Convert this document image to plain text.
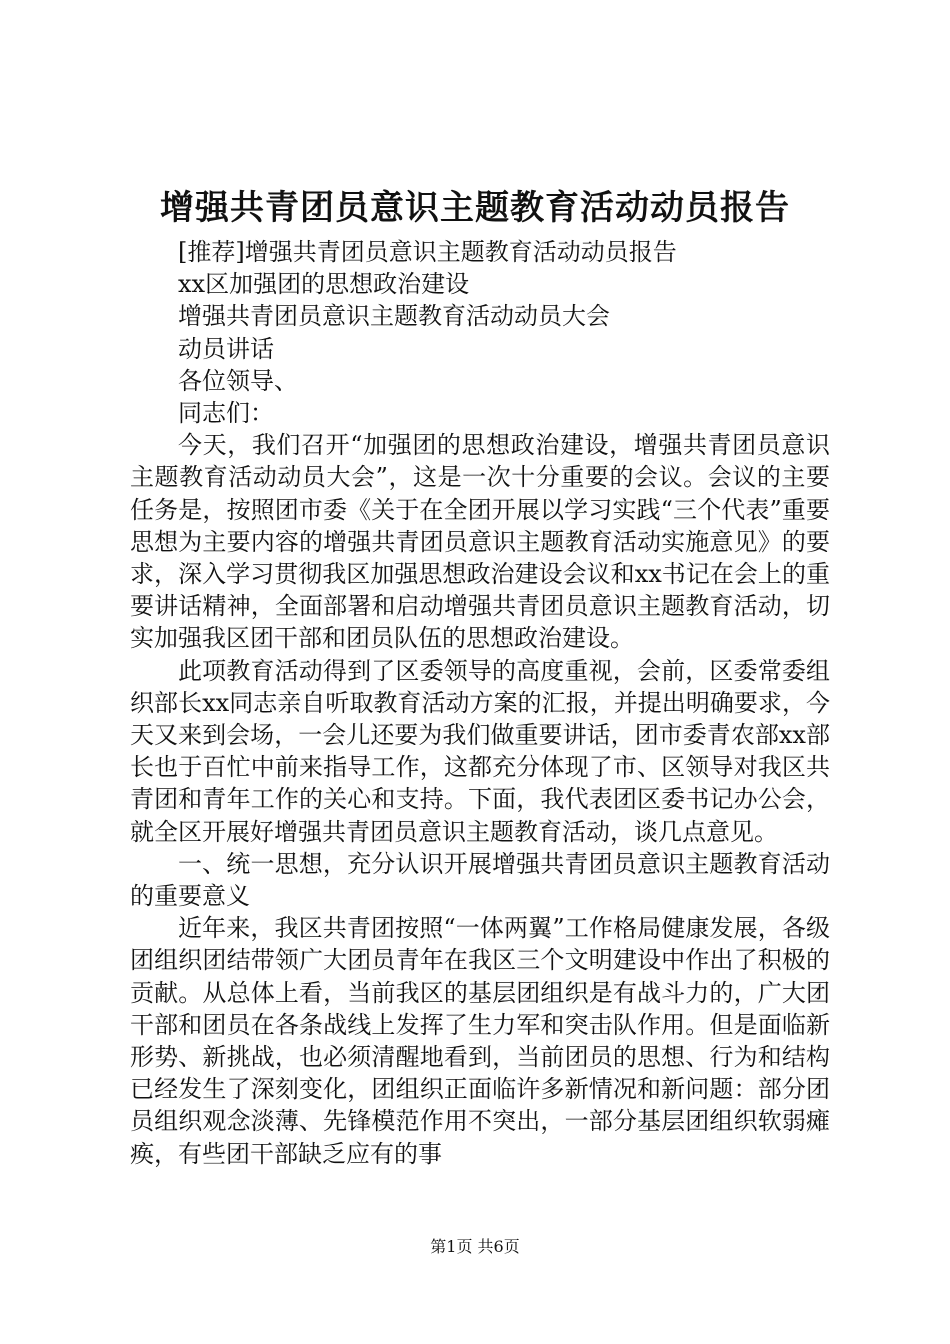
增强共青团员意识主题教育活动动员报告

[推荐]增强共青团员意识主题教育活动动员报告

xx区加强团的思想政治建设

增强共青团员意识主题教育活动动员大会

动员讲话

各位领导、

同志们：

今天，我们召开“加强团的思想政治建设，增强共青团员意识主题教育活动动员大会”，这是一次十分重要的会议。会议的主要任务是，按照团市委《关于在全团开展以学习实践“三个代表”重要思想为主要内容的增强共青团员意识主题教育活动实施意见》的要求，深入学习贯彻我区加强思想政治建设会议和xx书记在会上的重要讲话精神，全面部署和启动增强共青团员意识主题教育活动，切实加强我区团干部和团员队伍的思想政治建设。

此项教育活动得到了区委领导的高度重视，会前，区委常委组织部长xx同志亲自听取教育活动方案的汇报，并提出明确要求，今天又来到会场，一会儿还要为我们做重要讲话，团市委青农部xx部长也于百忙中前来指导工作，这都充分体现了市、区领导对我区共青团和青年工作的关心和支持。下面，我代表团区委书记办公会，就全区开展好增强共青团员意识主题教育活动，谈几点意见。

一、统一思想，充分认识开展增强共青团员意识主题教育活动的重要意义

近年来，我区共青团按照“一体两翼”工作格局健康发展，各级团组织团结带领广大团员青年在我区三个文明建设中作出了积极的贡献。从总体上看，当前我区的基层团组织是有战斗力的，广大团干部和团员在各条战线上发挥了生力军和突击队作用。但是面临新形势、新挑战，也必须清醒地看到，当前团员的思想、行为和结构已经发生了深刻变化，团组织正面临许多新情况和新问题：部分团员组织观念淡薄、先锋模范作用不突出，一部分基层团组织软弱瘫痪，有些团干部缺乏应有的事

第1页 共6页
